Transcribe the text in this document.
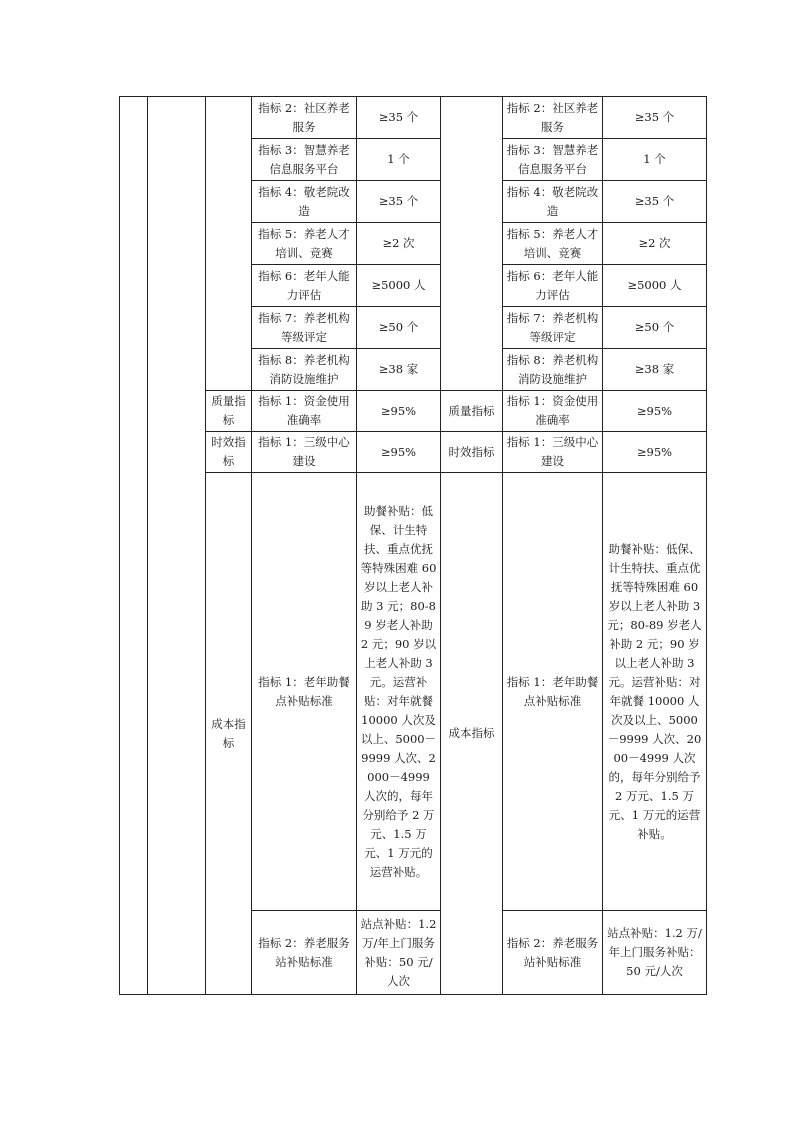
			指标 2：社区养老服务	≥35 个		指标 2：社区养老服务	≥35 个
			指标 3：智慧养老信息服务平台	1 个		指标 3：智慧养老信息服务平台	1 个
			指标 4：敬老院改造	≥35 个		指标 4：敬老院改造	≥35 个
			指标 5：养老人才培训、竞赛	≥2 次		指标 5：养老人才培训、竞赛	≥2 次
			指标 6：老年人能力评估	≥5000 人		指标 6：老年人能力评估	≥5000 人
			指标 7：养老机构等级评定	≥50 个		指标 7：养老机构等级评定	≥50 个
			指标 8：养老机构消防设施维护	≥38 家		指标 8：养老机构消防设施维护	≥38 家
		质量指标	指标 1：资金使用准确率	≥95%	质量指标	指标 1：资金使用准确率	≥95%
		时效指标	指标 1：三级中心建设	≥95%	时效指标	指标 1：三级中心建设	≥95%
		成本指标	指标 1：老年助餐点补贴标准	助餐补贴：低保、计生特扶、重点优抚等特殊困难 60 岁以上老人补助 3 元；80-89 岁老人补助 2 元；90 岁以上老人补助 3 元。运营补贴：对年就餐 10000 人次及以上、5000－9999 人次、2000－4999 人次的，每年分别给予 2 万元、1.5 万元、1 万元的运营补贴。	成本指标	指标 1：老年助餐点补贴标准	助餐补贴：低保、计生特扶、重点优抚等特殊困难 60 岁以上老人补助 3 元；80-89 岁老人补助 2 元；90 岁以上老人补助 3 元。运营补贴：对年就餐 10000 人次及以上、5000－9999 人次、2000－4999 人次的，每年分别给予 2 万元、1.5 万元、1 万元的运营补贴。
			指标 2：养老服务站补贴标准	站点补贴：1.2 万/年上门服务补贴：50 元/人次		指标 2：养老服务站补贴标准	站点补贴：1.2 万/年上门服务补贴：50 元/人次
